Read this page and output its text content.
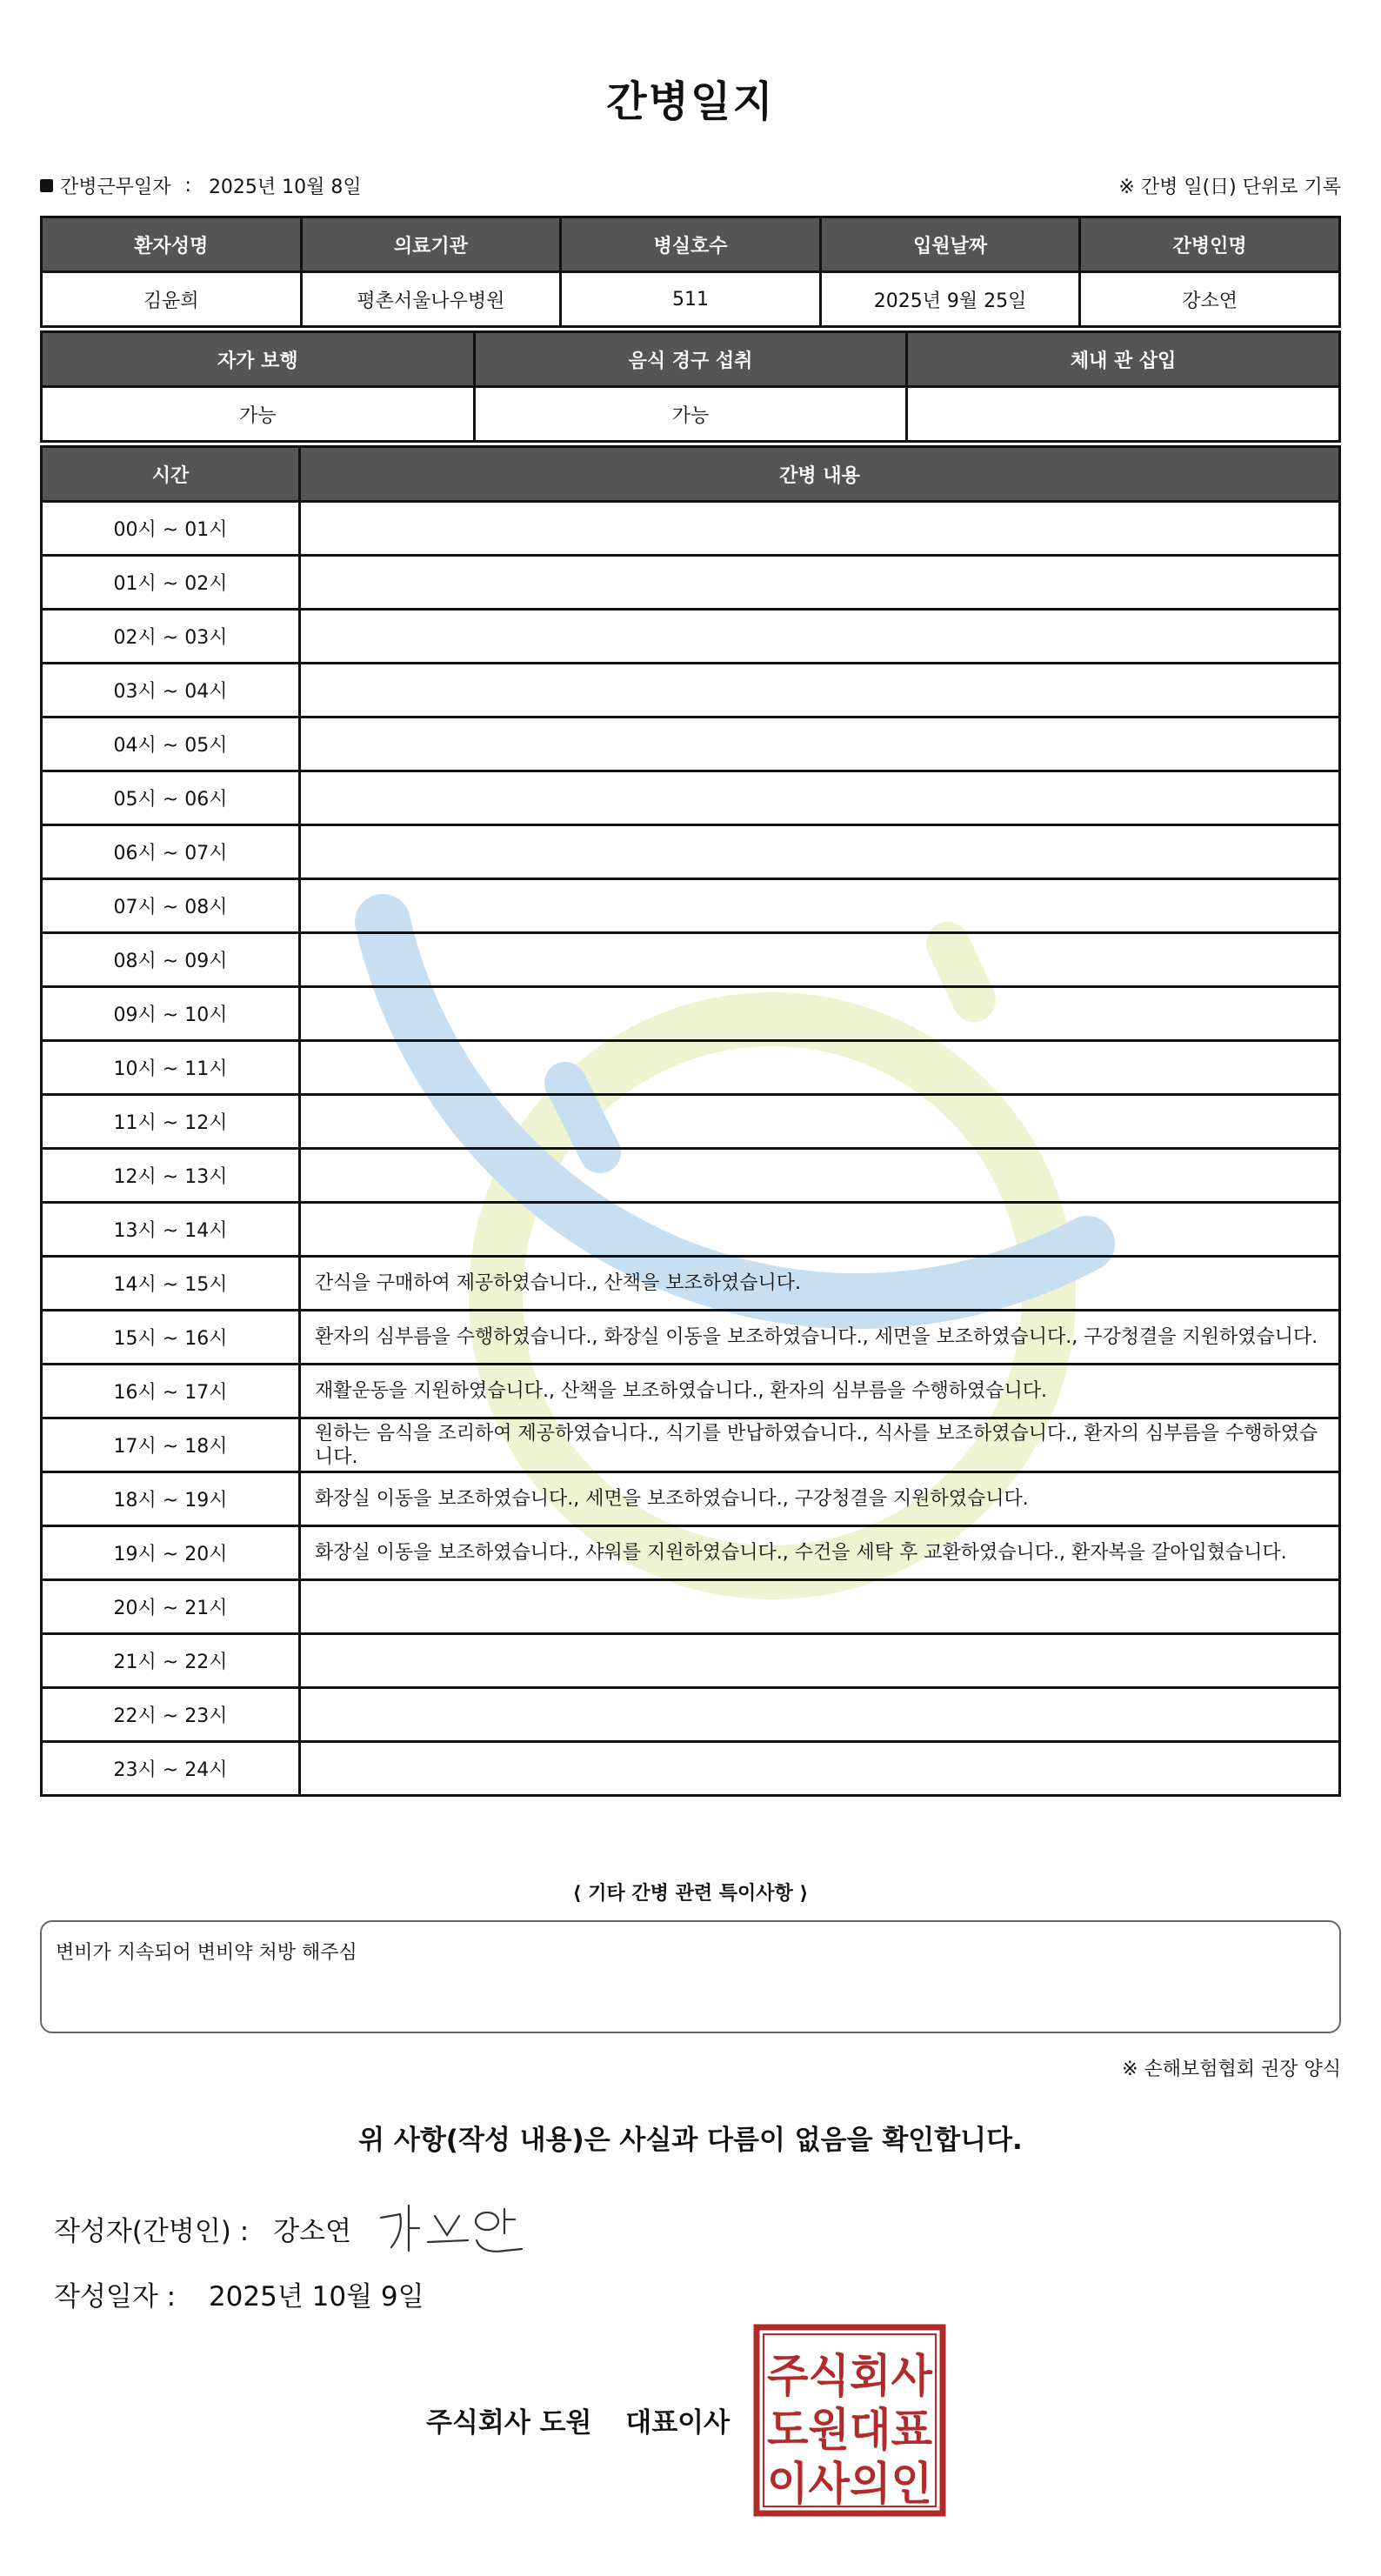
간병일지
간병근무일자 : 2025년 10월 8일	※ 간병 일(日) 단위로 기록
환자성명	의료기관	병실호수	입원날짜	간병인명
김윤희	평촌서울나우병원	511	2025년 9월 25일	강소연
자가 보행	음식 경구 섭취	체내 관 삽입
가능	가능	
시간	간병 내용
00시 ~ 01시	
01시 ~ 02시	
02시 ~ 03시	
03시 ~ 04시	
04시 ~ 05시	
05시 ~ 06시	
06시 ~ 07시	
07시 ~ 08시	
08시 ~ 09시	
09시 ~ 10시	
10시 ~ 11시	
11시 ~ 12시	
12시 ~ 13시	
13시 ~ 14시	
14시 ~ 15시	간식을 구매하여 제공하였습니다., 산책을 보조하였습니다.
15시 ~ 16시	환자의 심부름을 수행하였습니다., 화장실 이동을 보조하였습니다., 세면을 보조하였습니다., 구강청결을 지원하였습니다.
16시 ~ 17시	재활운동을 지원하였습니다., 산책을 보조하였습니다., 환자의 심부름을 수행하였습니다.
17시 ~ 18시	원하는 음식을 조리하여 제공하였습니다., 식기를 반납하였습니다., 식사를 보조하였습니다., 환자의 심부름을 수행하였습니다.
18시 ~ 19시	화장실 이동을 보조하였습니다., 세면을 보조하였습니다., 구강청결을 지원하였습니다.
19시 ~ 20시	화장실 이동을 보조하였습니다., 샤워를 지원하였습니다., 수건을 세탁 후 교환하였습니다., 환자복을 갈아입혔습니다.
20시 ~ 21시	
21시 ~ 22시	
22시 ~ 23시	
23시 ~ 24시	
⟨ 기타 간병 관련 특이사항 ⟩
변비가 지속되어 변비약 처방 해주심
※ 손해보험협회 권장 양식
위 사항(작성 내용)은 사실과 다름이 없음을 확인합니다.
작성자(간병인) : 강소연
작성일자 : 2025년 10월 9일
주식회사 도원 대표이사
주식회사
도원대표
이사의인
